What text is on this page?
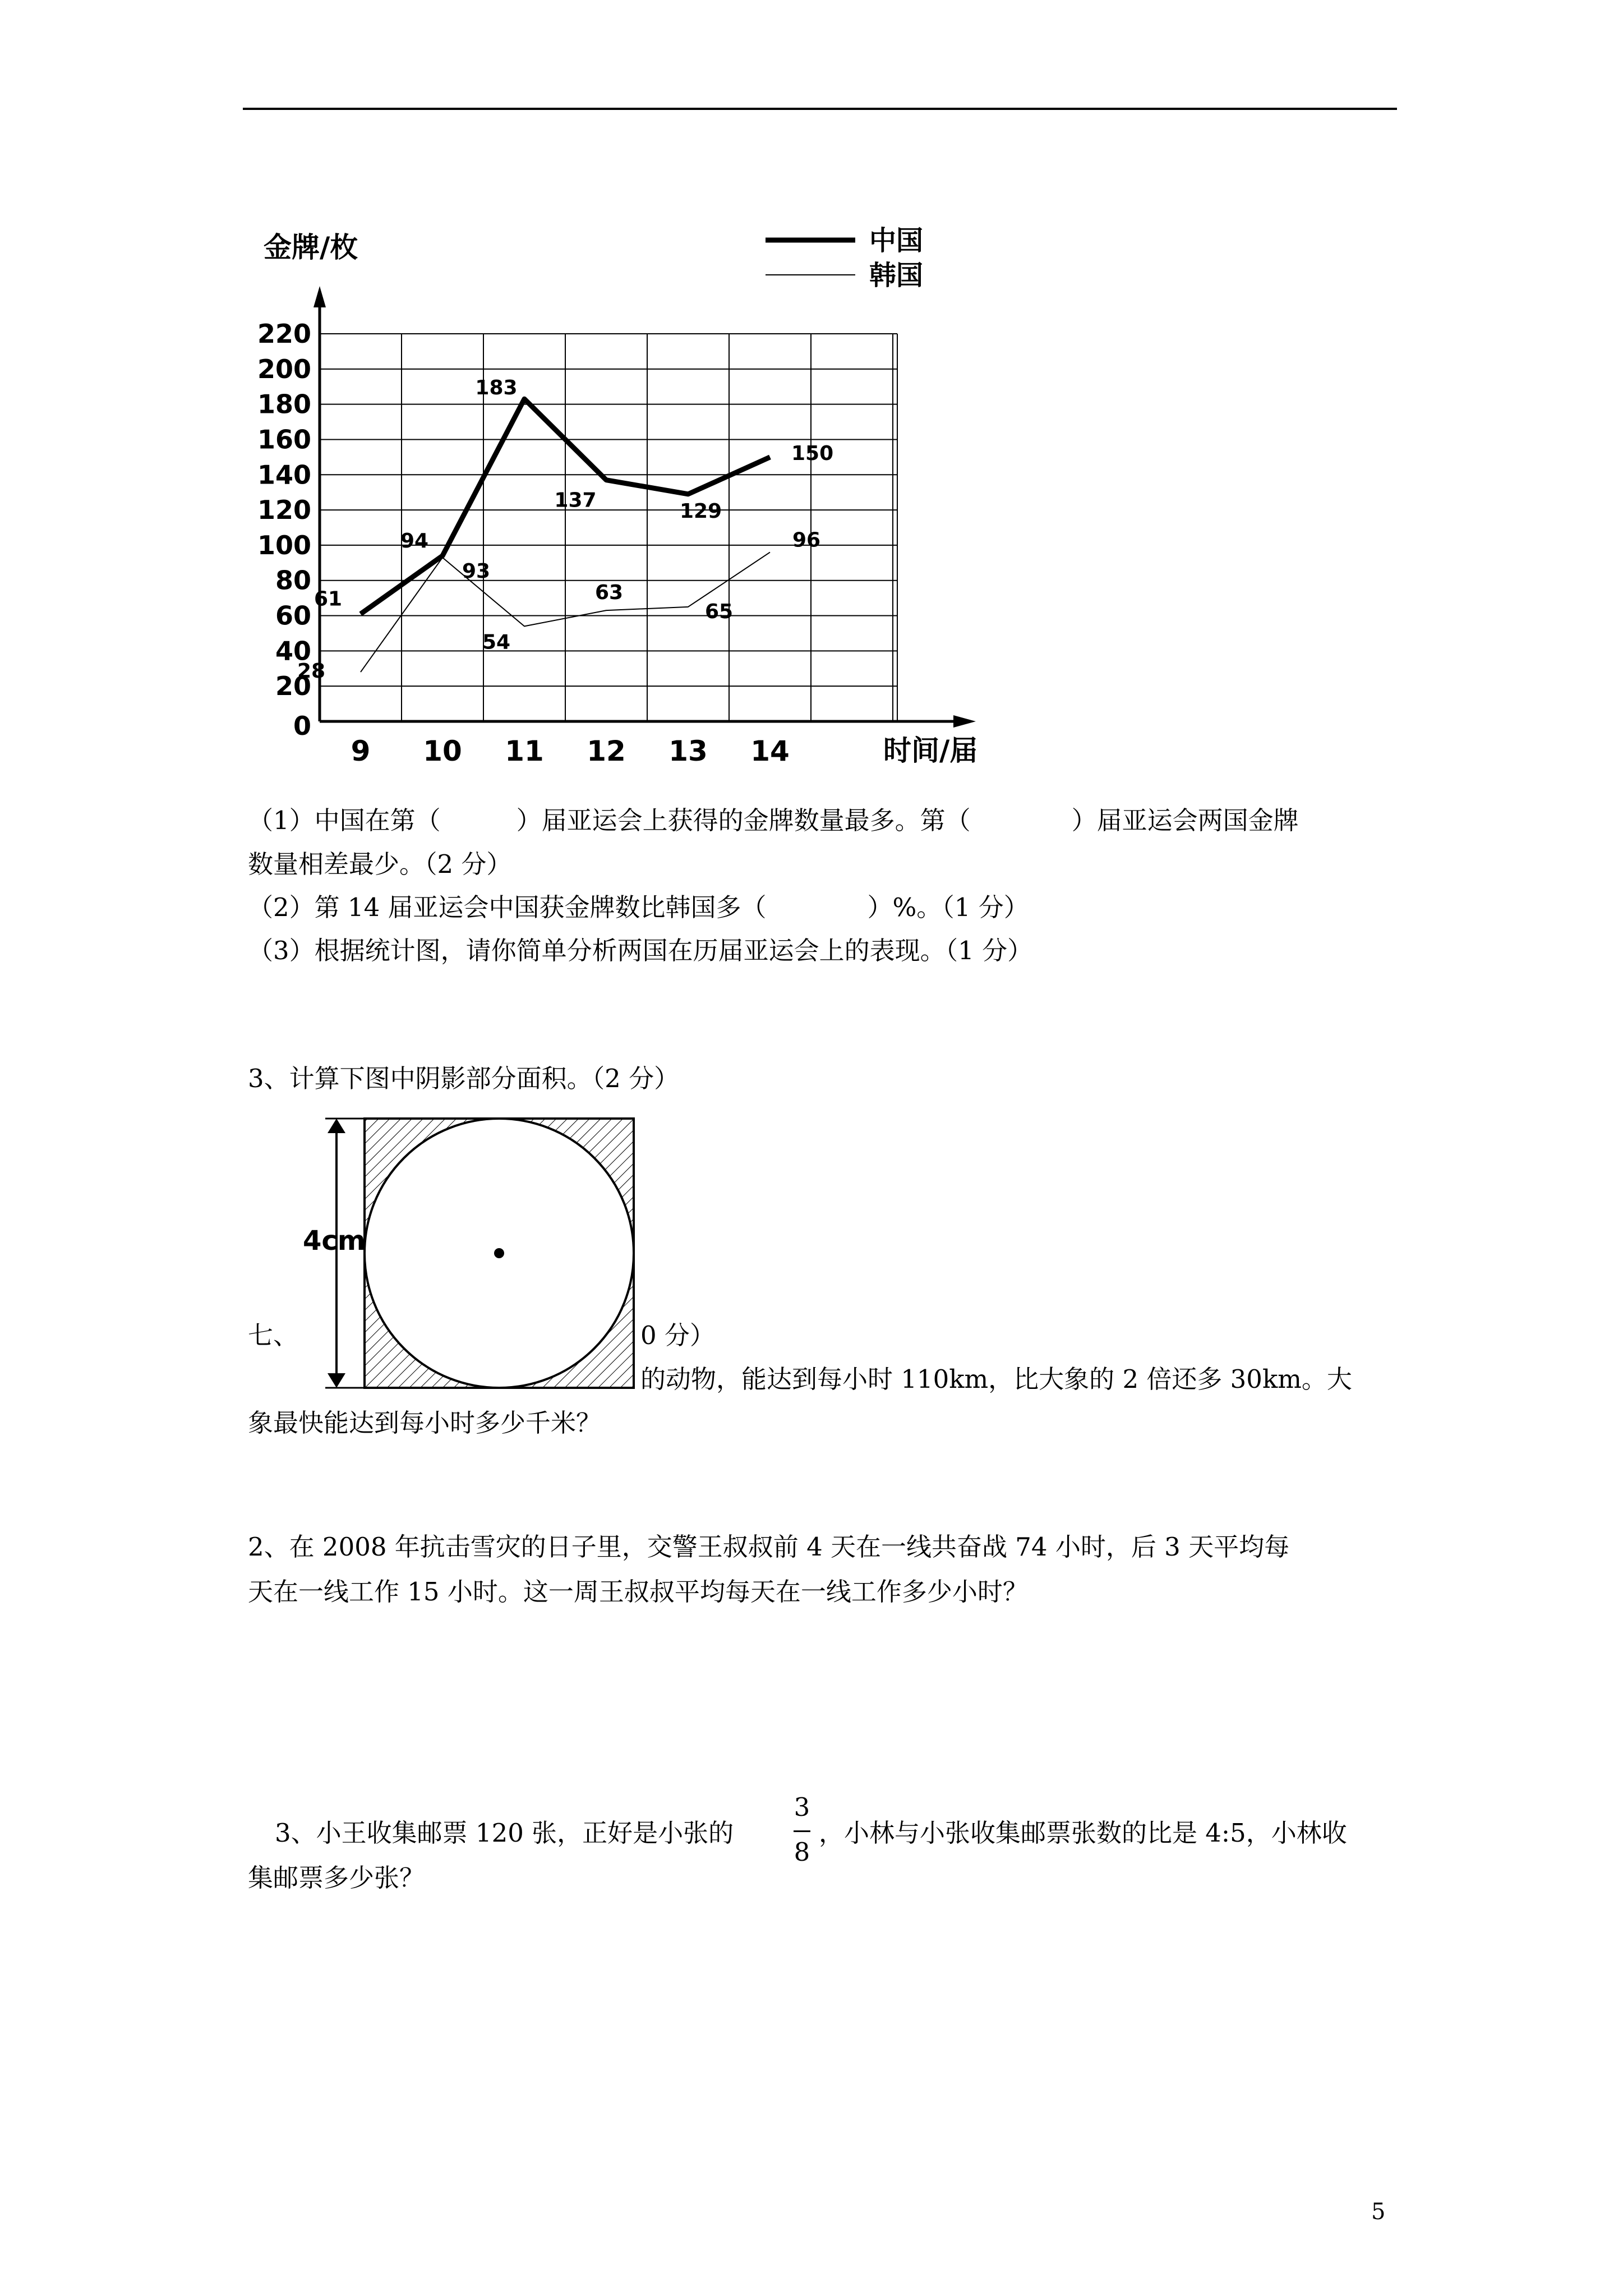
0
20
40
60
80
100
120
140
160
180
200
220
9 10 11 12 13 14
61
94
183
137	129
150
28
93
54
63
65
96
中国
韩国
金牌/枚
时间/届
（1）中国在第（　　　）届亚运会上获得的金牌数量最多。第（　　　　）届亚运会两国金牌
数量相差最少。（2 分）
（2）第 14 届亚运会中国获金牌数比韩国多（　　　　）%。（1 分）
（3）根据统计图，请你简单分析两国在历届亚运会上的表现。（1 分）
3、计算下图中阴影部分面积。（2 分）
4cm
七、	0 分）
的动物，能达到每小时 110km，比大象的 2 倍还多 30km。大
象最快能达到每小时多少千米？
2、在 2008 年抗击雪灾的日子里，交警王叔叔前 4 天在一线共奋战 74 小时，后 3 天平均每
天在一线工作 15 小时。这一周王叔叔平均每天在一线工作多少小时？
3、小王收集邮票 120 张，正好是小张的
3
8
，小林与小张收集邮票张数的比是 4:5，小林收
集邮票多少张？
5
